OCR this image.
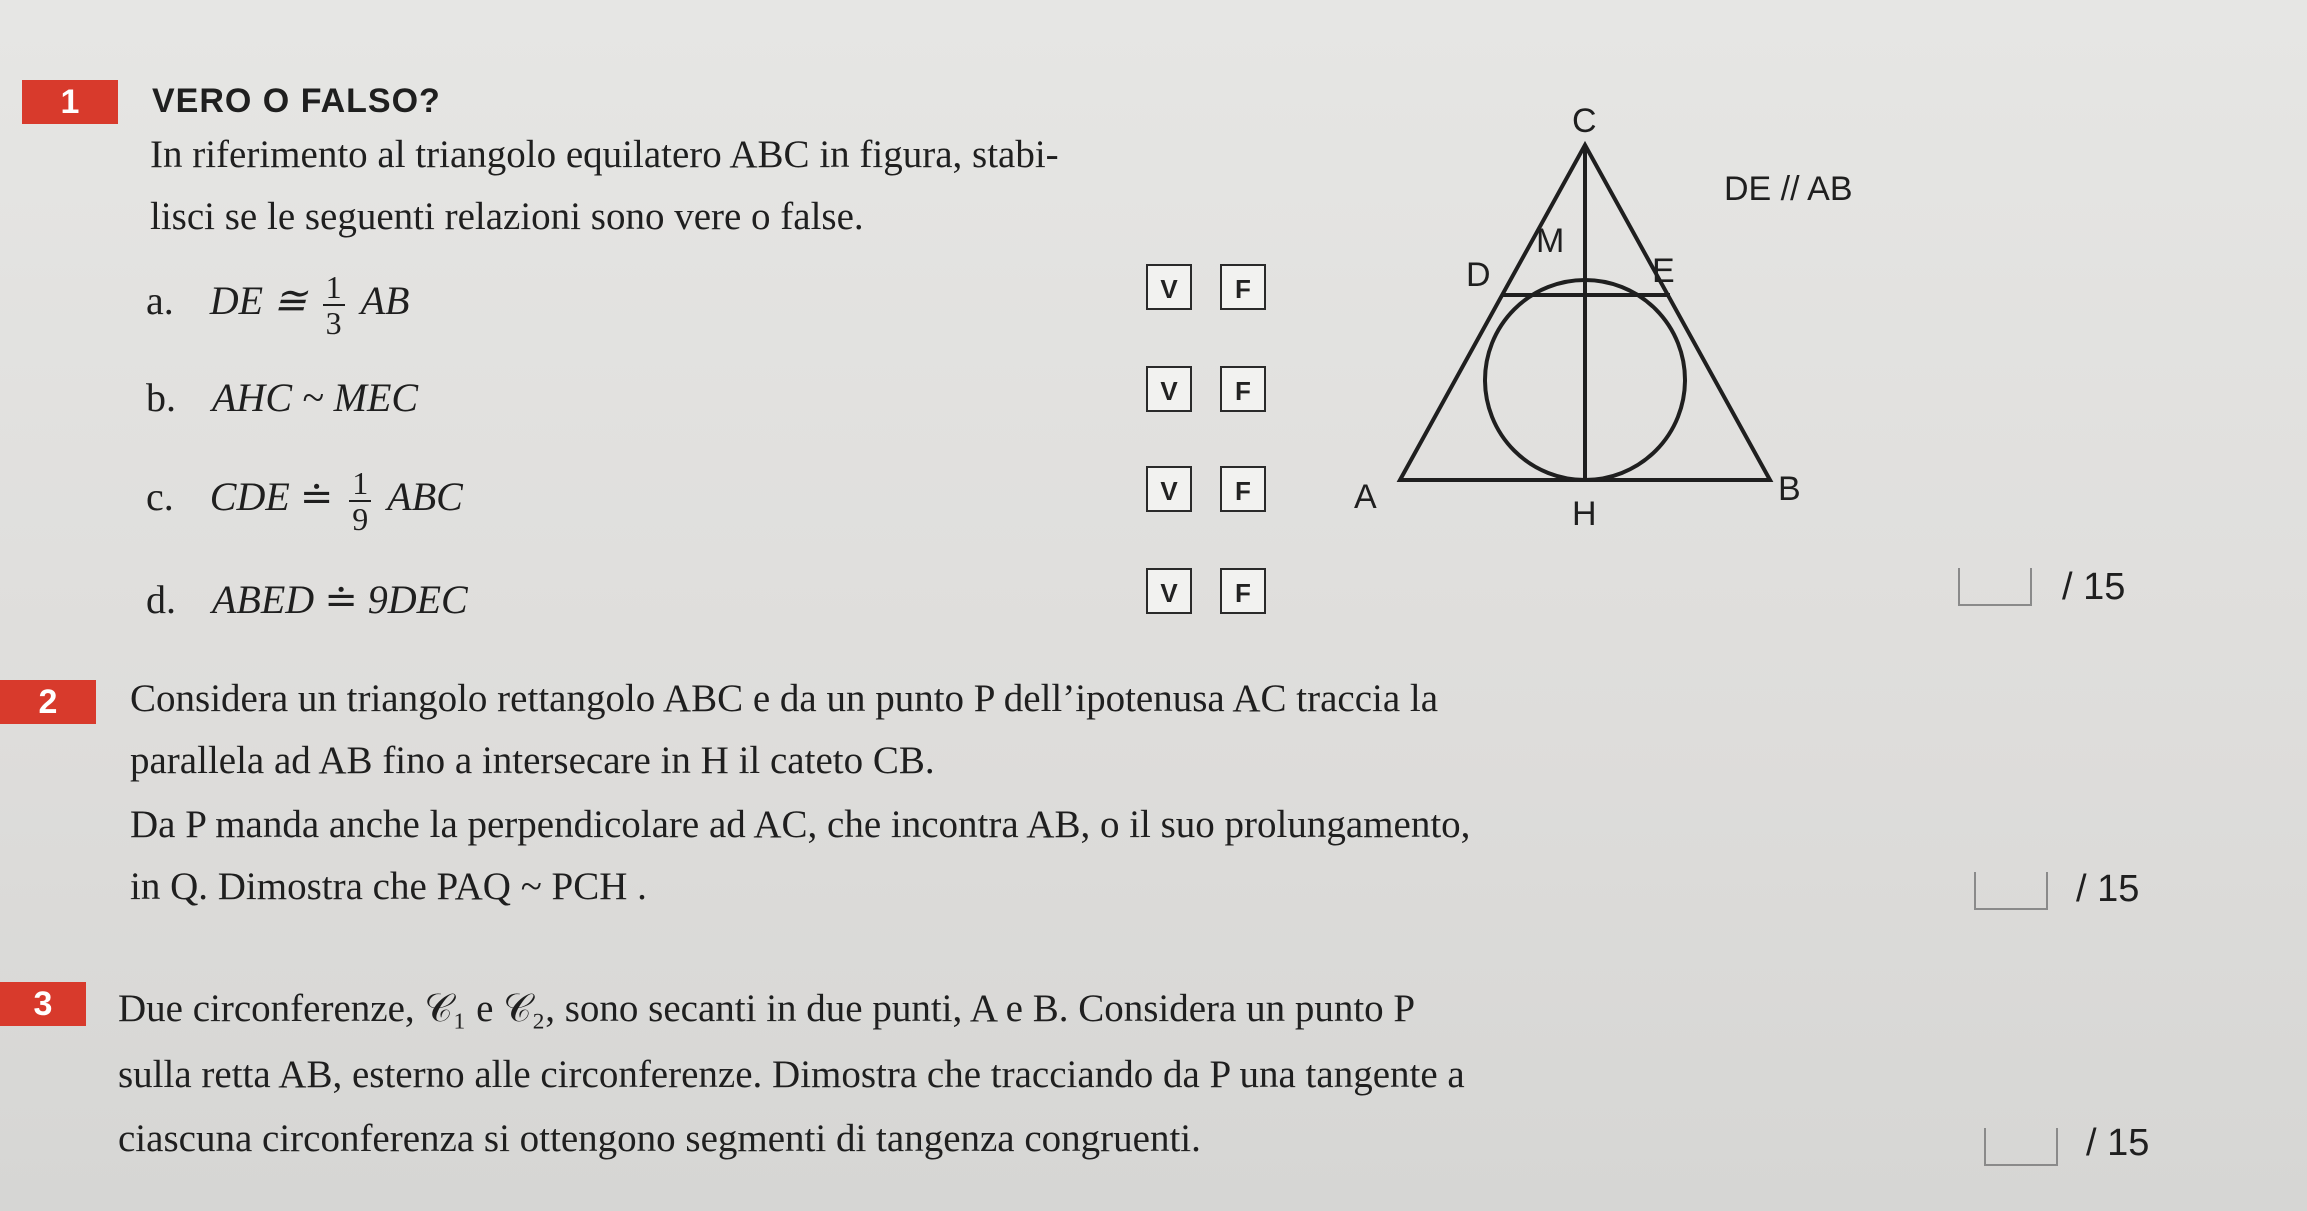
1	VERO O FALSO?
In riferimento al triangolo equilatero ABC in figura, stabi-
lisci se le seguenti relazioni sono vere o false.
a. DE ≅ $\frac{1}{3}$ AB	V	F
b. AHC ~ MEC	V	F
c. CDE ≐ $\frac{1}{9}$ ABC	V	F
d. ABED ≐ 9DEC	V	F
C
DE // AB
M
D	E
A	B
H
/ 15
2	Considera un triangolo rettangolo ABC e da un punto P dell’ipotenusa AC traccia la
parallela ad AB fino a intersecare in H il cateto CB.
Da P manda anche la perpendicolare ad AC, che incontra AB, o il suo prolungamento,
in Q. Dimostra che PAQ ~ PCH .	/ 15
3	Due circonferenze, 𝒞₁ e 𝒞₂, sono secanti in due punti, A e B. Considera un punto P
sulla retta AB, esterno alle circonferenze. Dimostra che tracciando da P una tangente a
ciascuna circonferenza si ottengono segmenti di tangenza congruenti.	/ 15
